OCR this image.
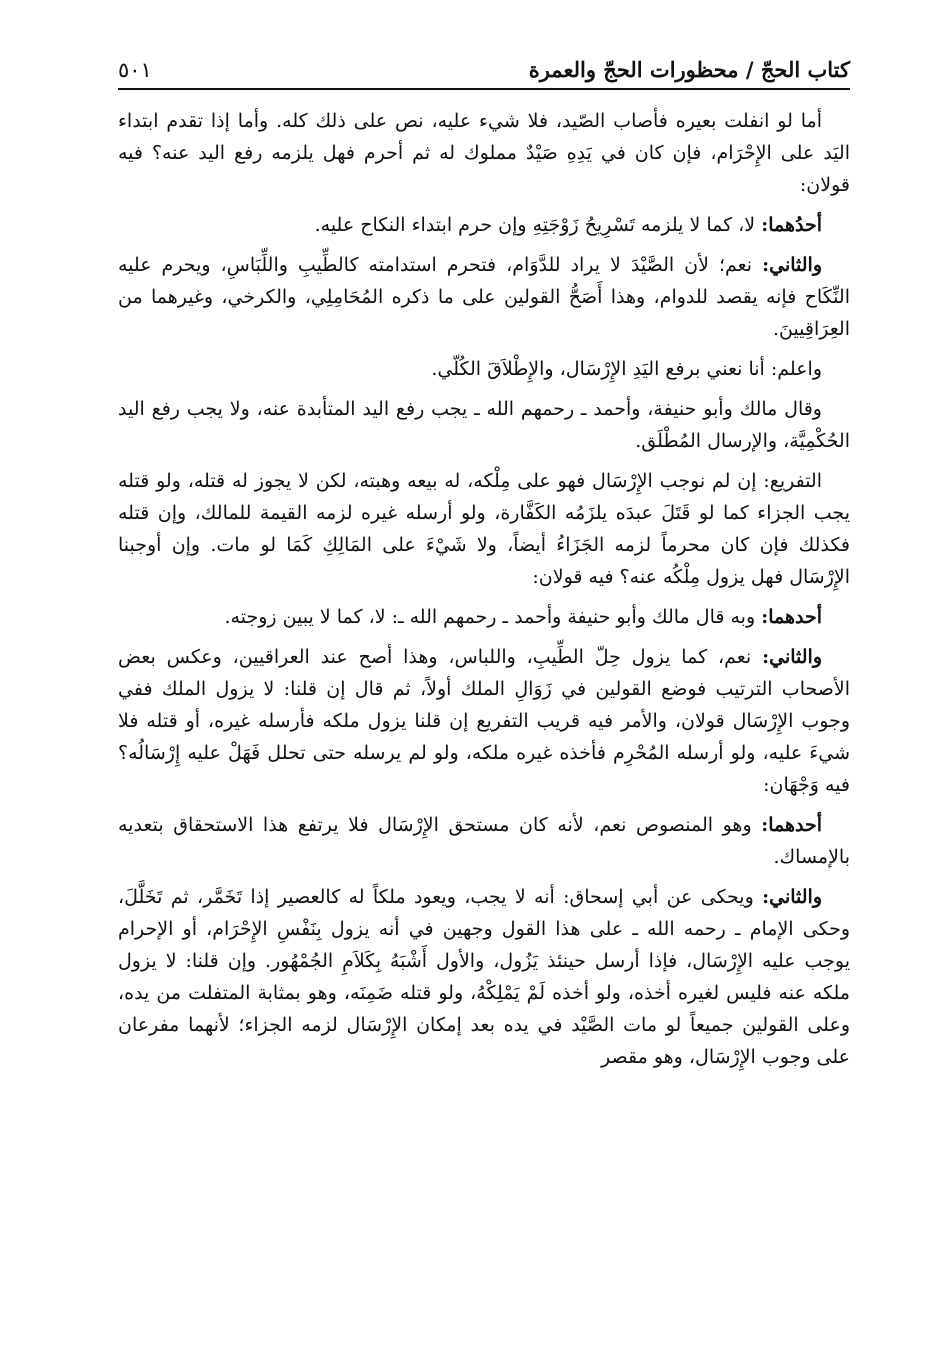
كتاب الحجّ / محظورات الحجّ والعمرة
٥٠١

أما لو انفلت بعيره فأصاب الصّيد، فلا شيء عليه، نص على ذلك كله. وأما إذا تقدم ابتداء اليَد على الإِحْرَام، فإن كان في يَدِهِ صَيْدٌ مملوك له ثم أحرم فهل يلزمه رفع اليد عنه؟ فيه قولان:

أحدُهما: لا، كما لا يلزمه تَسْرِيحُ زَوْجَتِهِ وإن حرم ابتداء النكاح عليه.

والثاني: نعم؛ لأن الصَّيْدَ لا يراد للدَّوَام، فتحرم استدامته كالطِّيبِ واللِّبَاسِ، ويحرم عليه النِّكَاح فإنه يقصد للدوام، وهذا أَصَحُّ القولين على ما ذكره المُحَامِلِي، والكرخي، وغيرهما من العِرَاقِيينَ.

واعلم: أنا نعني برفع اليَدِ الإِرْسَال، والإِطْلاَقَ الكُلّي.

وقال مالك وأبو حنيفة، وأحمد ـ رحمهم الله ـ يجب رفع اليد المتأبدة عنه، ولا يجب رفع اليد الحُكْمِيَّة، والإرسال المُطْلَق.

التفريع: إن لم نوجب الإِرْسَال فهو على مِلْكه، له بيعه وهبته، لكن لا يجوز له قتله، ولو قتله يجب الجزاء كما لو قَتَلَ عبدَه يلزَمُه الكَفَّارة، ولو أرسله غيره لزمه القيمة للمالك، وإن قتله فكذلك فإن كان محرماً لزمه الجَزَاءُ أيضاً، ولا شَيْءَ على المَالِكِ كَمَا لو مات. وإن أوجبنا الإِرْسَال فهل يزول مِلْكُه عنه؟ فيه قولان:

أحدهما: وبه قال مالك وأبو حنيفة وأحمد ـ رحمهم الله ـ: لا، كما لا يبين زوجته.

والثاني: نعم، كما يزول حِلّ الطِّيبِ، واللباس، وهذا أصح عند العراقيين، وعكس بعض الأصحاب الترتيب فوضع القولين في زَوَالِ الملك أولاً، ثم قال إن قلنا: لا يزول الملك ففي وجوب الإِرْسَال قولان، والأمر فيه قريب التفريع إن قلنا يزول ملكه فأرسله غيره، أو قتله فلا شيءَ عليه، ولو أرسله المُحْرِم فأخذه غيره ملكه، ولو لم يرسله حتى تحلل فَهَلْ عليه إِرْسَالُه؟ فيه وَجْهَان:

أحدهما: وهو المنصوص نعم، لأنه كان مستحق الإِرْسَال فلا يرتفع هذا الاستحقاق بتعديه بالإمساك.

والثاني: ويحكى عن أبي إسحاق: أنه لا يجب، ويعود ملكاً له كالعصير إذا تَخَمَّر، ثم تَخَلَّلَ، وحكى الإمام ـ رحمه الله ـ على هذا القول وجهين في أنه يزول بِنَفْسِ الإِحْرَام، أو الإحرام يوجب عليه الإِرْسَال، فإذا أرسل حينئذ يَزُول، والأول أَشْبَهُ بِكَلاَمِ الجُمْهُور. وإن قلنا: لا يزول ملكه عنه فليس لغيره أخذه، ولو أخذه لَمْ يَمْلِكْهُ، ولو قتله ضَمِنَه، وهو بمثابة المتفلت من يده، وعلى القولين جميعاً لو مات الصَّيْد في يده بعد إمكان الإِرْسَال لزمه الجزاء؛ لأنهما مفرعان على وجوب الإِرْسَال، وهو مقصر
